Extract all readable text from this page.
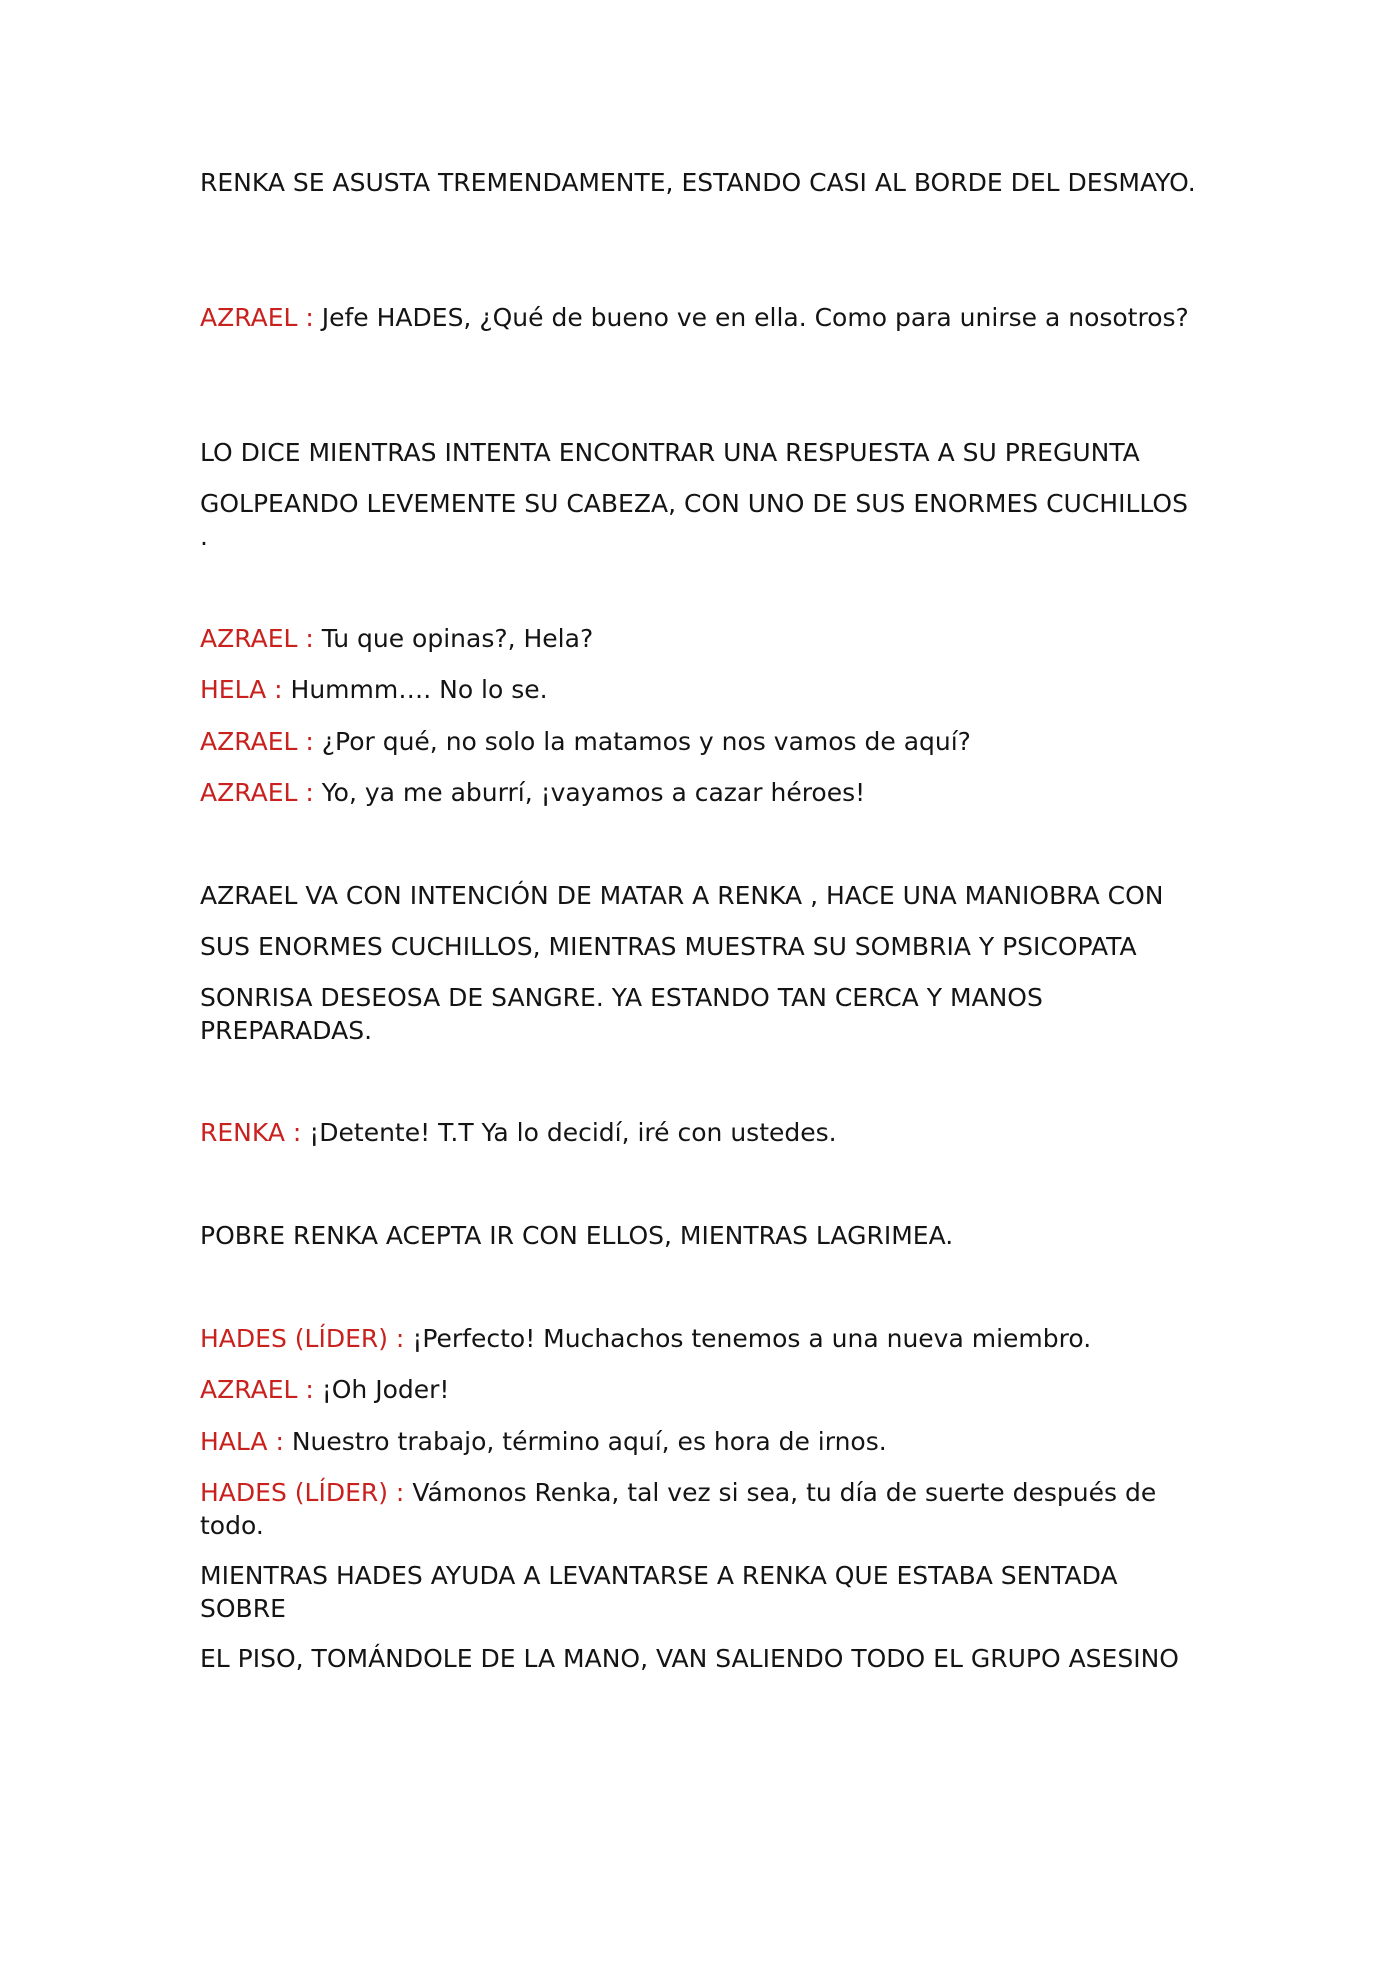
RENKA SE ASUSTA TREMENDAMENTE, ESTANDO CASI AL BORDE DEL DESMAYO.

AZRAEL : Jefe HADES, ¿Qué de bueno ve en ella. Como para unirse a nosotros?

LO DICE MIENTRAS INTENTA ENCONTRAR UNA RESPUESTA A SU PREGUNTA

GOLPEANDO LEVEMENTE SU CABEZA, CON UNO DE SUS ENORMES CUCHILLOS .

AZRAEL : Tu que opinas?, Hela?

HELA : Hummm…. No lo se.

AZRAEL : ¿Por qué, no solo la matamos y nos vamos de aquí?

AZRAEL : Yo, ya me aburrí, ¡vayamos a cazar héroes!

AZRAEL VA CON INTENCIÓN DE MATAR A RENKA , HACE UNA MANIOBRA CON

SUS ENORMES CUCHILLOS, MIENTRAS MUESTRA SU SOMBRIA Y PSICOPATA

SONRISA DESEOSA DE SANGRE. YA ESTANDO TAN CERCA Y MANOS PREPARADAS.

RENKA : ¡Detente! T.T Ya lo decidí, iré con ustedes.

POBRE RENKA ACEPTA IR CON ELLOS, MIENTRAS LAGRIMEA.

HADES (LÍDER) : ¡Perfecto! Muchachos tenemos a una nueva miembro.

AZRAEL : ¡Oh Joder!

HALA : Nuestro trabajo, término aquí, es hora de irnos.

HADES (LÍDER) : Vámonos Renka, tal vez si sea, tu día de suerte después de todo.

MIENTRAS HADES AYUDA A LEVANTARSE A RENKA QUE ESTABA SENTADA SOBRE

EL PISO, TOMÁNDOLE DE LA MANO, VAN SALIENDO TODO EL GRUPO ASESINO
